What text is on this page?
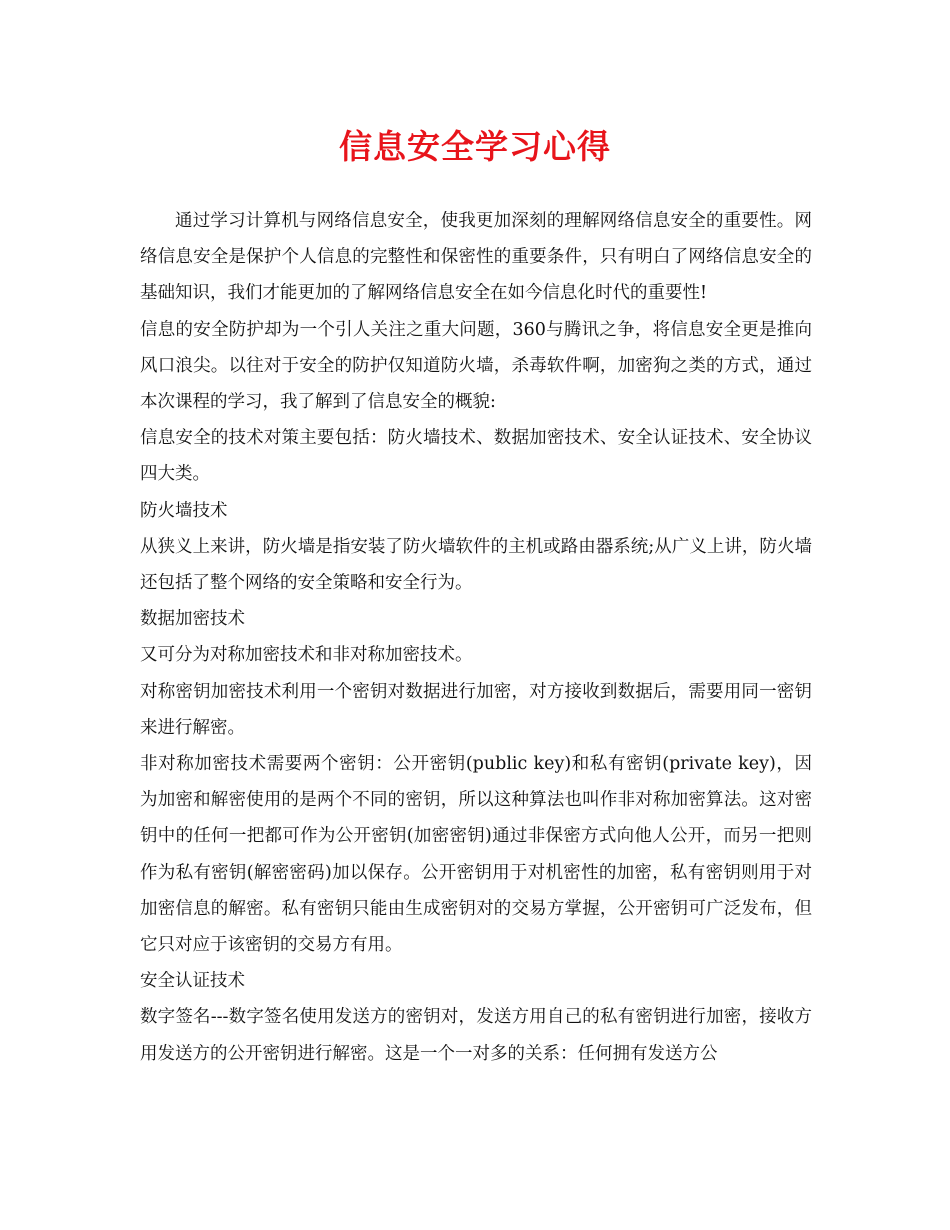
信息安全学习心得

通过学习计算机与网络信息安全，使我更加深刻的理解网络信息安全的重要性。网络信息安全是保护个人信息的完整性和保密性的重要条件，只有明白了网络信息安全的基础知识，我们才能更加的了解网络信息安全在如今信息化时代的重要性!

信息的安全防护却为一个引人关注之重大问题，360与腾讯之争，将信息安全更是推向风口浪尖。以往对于安全的防护仅知道防火墙，杀毒软件啊，加密狗之类的方式，通过本次课程的学习，我了解到了信息安全的概貌:

信息安全的技术对策主要包括：防火墙技术、数据加密技术、安全认证技术、安全协议四大类。

防火墙技术

从狭义上来讲，防火墙是指安装了防火墙软件的主机或路由器系统;从广义上讲，防火墙还包括了整个网络的安全策略和安全行为。

数据加密技术

又可分为对称加密技术和非对称加密技术。

对称密钥加密技术利用一个密钥对数据进行加密，对方接收到数据后，需要用同一密钥来进行解密。

非对称加密技术需要两个密钥：公开密钥(public key)和私有密钥(private key)，因为加密和解密使用的是两个不同的密钥，所以这种算法也叫作非对称加密算法。这对密钥中的任何一把都可作为公开密钥(加密密钥)通过非保密方式向他人公开，而另一把则作为私有密钥(解密密码)加以保存。公开密钥用于对机密性的加密，私有密钥则用于对加密信息的解密。私有密钥只能由生成密钥对的交易方掌握，公开密钥可广泛发布，但它只对应于该密钥的交易方有用。

安全认证技术

数字签名---数字签名使用发送方的密钥对，发送方用自己的私有密钥进行加密，接收方用发送方的公开密钥进行解密。这是一个一对多的关系：任何拥有发送方公
